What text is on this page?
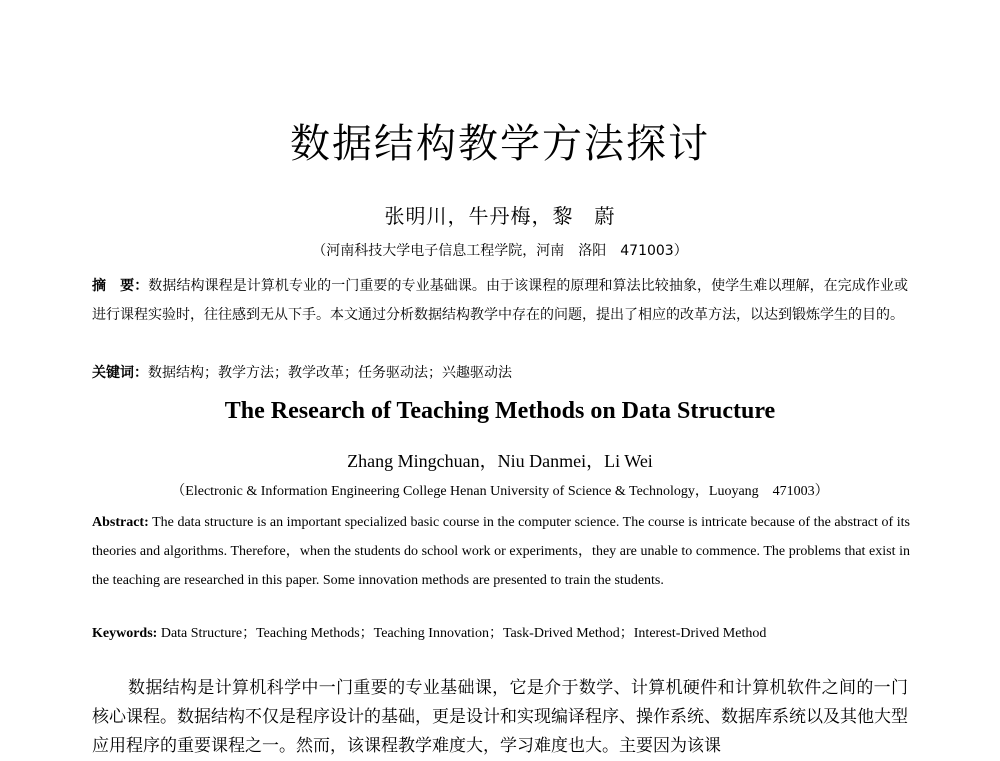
数据结构教学方法探讨
张明川，牛丹梅，黎　蔚
（河南科技大学电子信息工程学院，河南　洛阳　471003）
摘　要：数据结构课程是计算机专业的一门重要的专业基础课。由于该课程的原理和算法比较抽象，使学生难以理解，在完成作业或进行课程实验时，往往感到无从下手。本文通过分析数据结构教学中存在的问题，提出了相应的改革方法，以达到锻炼学生的目的。
关键词：数据结构；教学方法；教学改革；任务驱动法；兴趣驱动法
The Research of Teaching Methods on Data Structure
Zhang Mingchuan，Niu Danmei，Li Wei
（Electronic & Information Engineering College Henan University of Science & Technology，Luoyang　471003）
Abstract: The data structure is an important specialized basic course in the computer science. The course is intricate because of the abstract of its theories and algorithms. Therefore，when the students do school work or experiments，they are unable to commence. The problems that exist in the teaching are researched in this paper. Some innovation methods are presented to train the students.
Keywords: Data Structure；Teaching Methods；Teaching Innovation；Task-Drived Method；Interest-Drived Method
数据结构是计算机科学中一门重要的专业基础课，它是介于数学、计算机硬件和计算机软件之间的一门核心课程。数据结构不仅是程序设计的基础，更是设计和实现编译程序、操作系统、数据库系统以及其他大型应用程序的重要课程之一。然而，该课程教学难度大，学习难度也大。主要因为该课
